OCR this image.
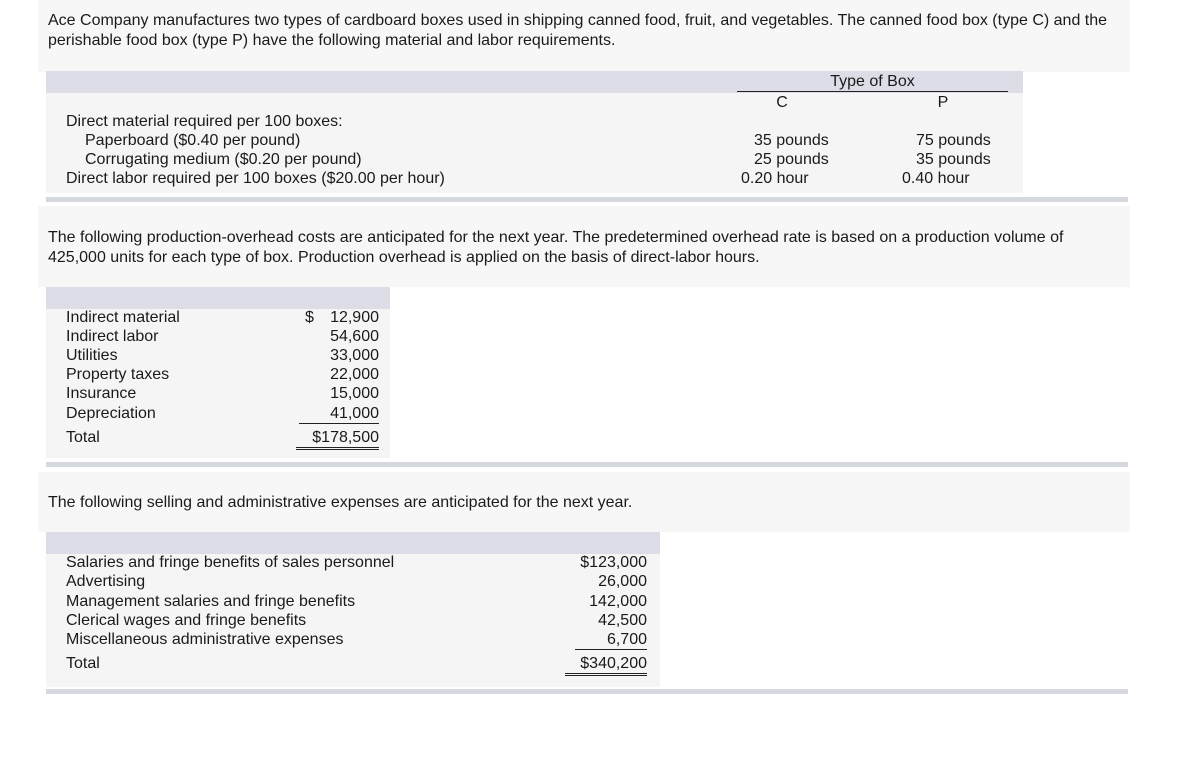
Ace Company manufactures two types of cardboard boxes used in shipping canned food, fruit, and vegetables. The canned food box (type C) and the perishable food box (type P) have the following material and labor requirements.
Type of Box
C	P
Direct material required per 100 boxes:
Paperboard ($0.40 per pound)	35 pounds	75 pounds
Corrugating medium ($0.20 per pound)	25 pounds	35 pounds
Direct labor required per 100 boxes ($20.00 per hour)	0.20 hour	0.40 hour
The following production-overhead costs are anticipated for the next year. The predetermined overhead rate is based on a production volume of 425,000 units for each type of box. Production overhead is applied on the basis of direct-labor hours.
Indirect material	$	12,900
Indirect labor	54,600
Utilities	33,000
Property taxes	22,000
Insurance	15,000
Depreciation	41,000
Total	$178,500
The following selling and administrative expenses are anticipated for the next year.
Salaries and fringe benefits of sales personnel	$123,000
Advertising	26,000
Management salaries and fringe benefits	142,000
Clerical wages and fringe benefits	42,500
Miscellaneous administrative expenses	6,700
Total	$340,200
